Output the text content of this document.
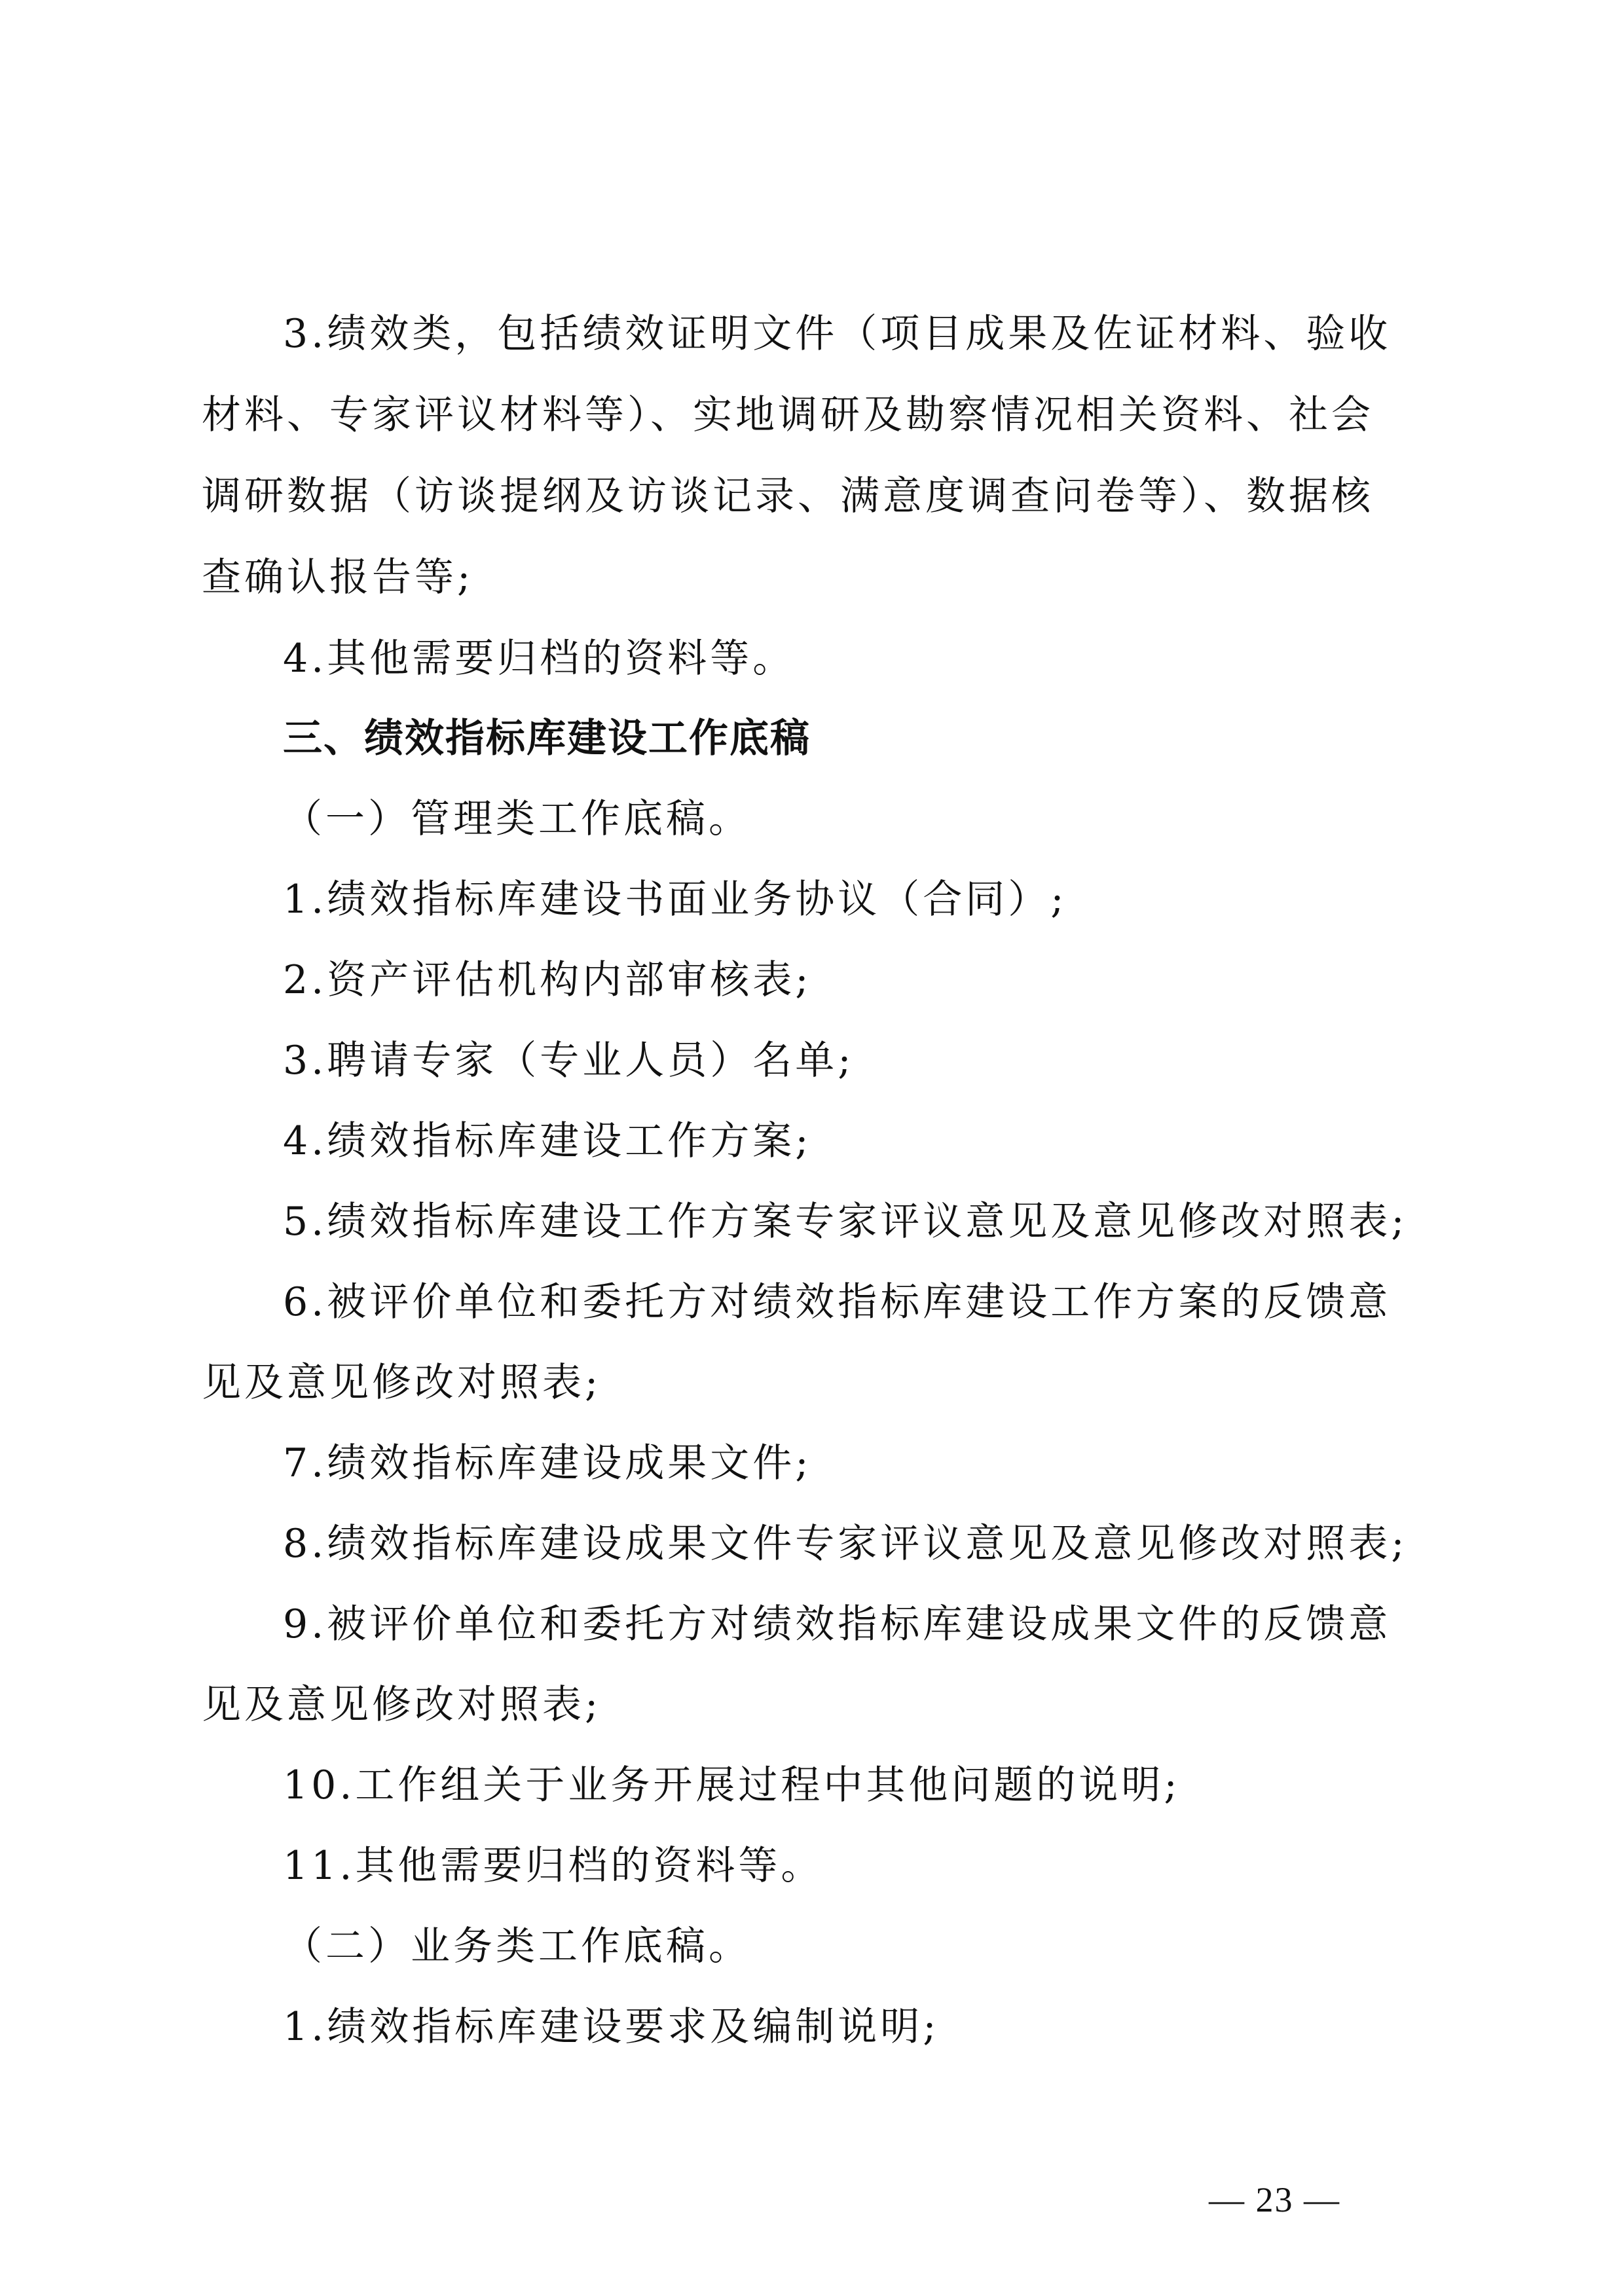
3.绩效类，包括绩效证明文件（项目成果及佐证材料、验收
材料、专家评议材料等）、实地调研及勘察情况相关资料、社会
调研数据（访谈提纲及访谈记录、满意度调查问卷等）、数据核
查确认报告等;
4.其他需要归档的资料等。
三、绩效指标库建设工作底稿
（一）管理类工作底稿。
1.绩效指标库建设书面业务协议（合同）;
2.资产评估机构内部审核表;
3.聘请专家（专业人员）名单;
4.绩效指标库建设工作方案;
5.绩效指标库建设工作方案专家评议意见及意见修改对照表;
6.被评价单位和委托方对绩效指标库建设工作方案的反馈意
见及意见修改对照表;
7.绩效指标库建设成果文件;
8.绩效指标库建设成果文件专家评议意见及意见修改对照表;
9.被评价单位和委托方对绩效指标库建设成果文件的反馈意
见及意见修改对照表;
10.工作组关于业务开展过程中其他问题的说明;
11.其他需要归档的资料等。
（二）业务类工作底稿。
1.绩效指标库建设要求及编制说明;
— 23 —
